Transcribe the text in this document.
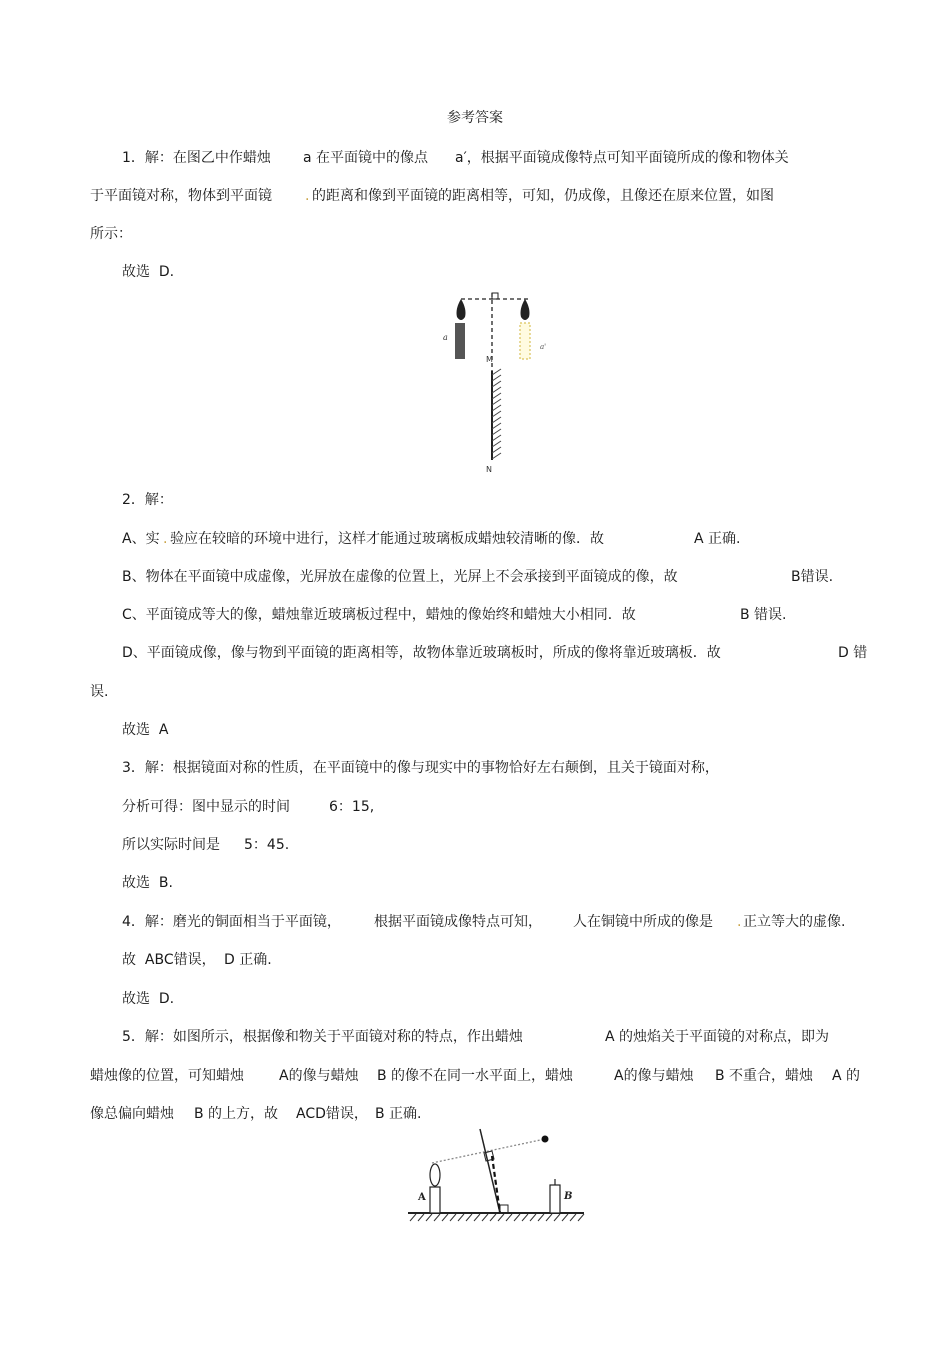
参考答案
1．解：在图乙中作蜡烛 a 在平面镜中的像点 a′，根据平面镜成像特点可知平面镜所成的像和物体关
于平面镜对称，物体到平面镜 . 的距离和像到平面镜的距离相等，可知，仍成像，且像还在原来位置，如图
所示：
故选  D.
a
a'
M
N
2．解：
A、实 . 验应在较暗的环境中进行，这样才能通过玻璃板成蜡烛较清晰的像．故	A 正确.
B、物体在平面镜中成虚像，光屏放在虚像的位置上，光屏上不会承接到平面镜成的像，故	B错误.
C、平面镜成等大的像，蜡烛靠近玻璃板过程中，蜡烛的像始终和蜡烛大小相同．故	B 错误.
D、平面镜成像，像与物到平面镜的距离相等，故物体靠近玻璃板时，所成的像将靠近玻璃板．故	D 错
误.
故选  A
3．解：根据镜面对称的性质，在平面镜中的像与现实中的事物恰好左右颠倒，且关于镜面对称，
分析可得：图中显示的时间	6：15,
所以实际时间是 5：45.
故选  B.
4．解：磨光的铜面相当于平面镜， 根据平面镜成像特点可知， 人在铜镜中所成的像是 . 正立等大的虚像.
故  ABC错误， D 正确.
故选  D.
5．解：如图所示，根据像和物关于平面镜对称的特点，作出蜡烛	A 的烛焰关于平面镜的对称点，即为
蜡烛像的位置，可知蜡烛	A的像与蜡烛 B 的像不在同一水平面上，蜡烛	A的像与蜡烛 B 不重合，蜡烛 A 的
像总偏向蜡烛 B 的上方，故 ACD错误， B 正确.
A	B
